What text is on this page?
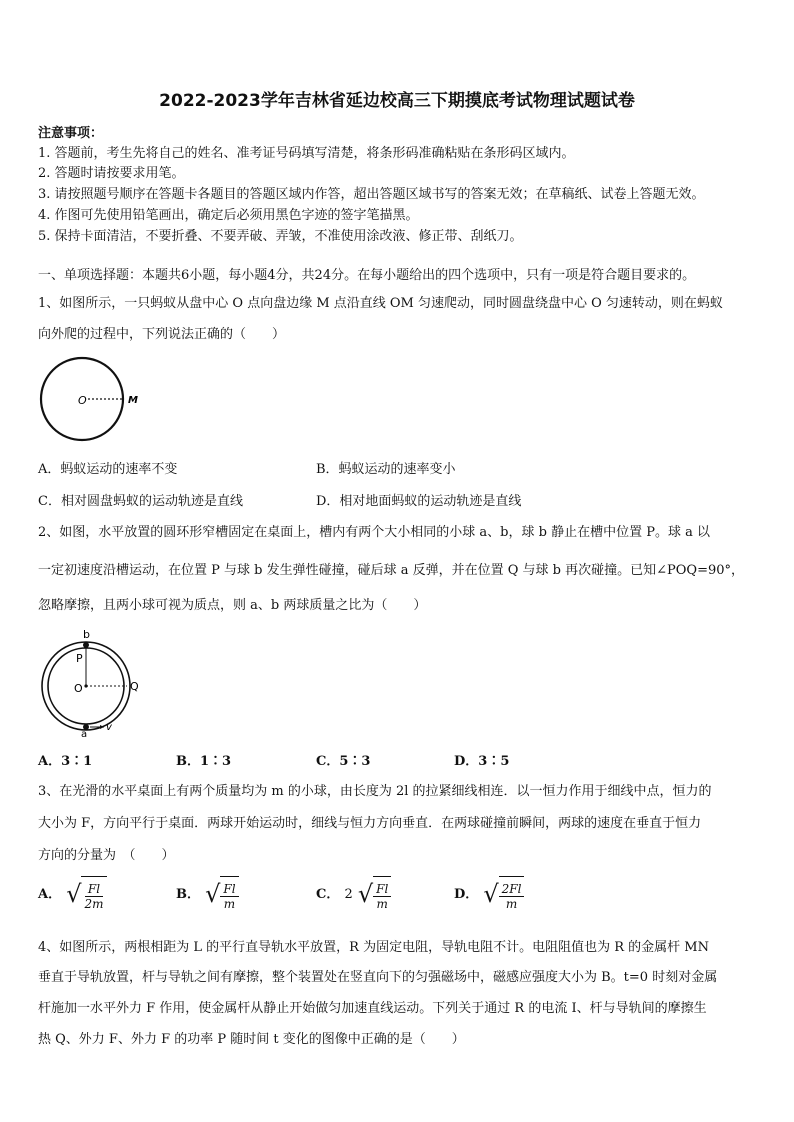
2022-2023学年吉林省延边校高三下期摸底考试物理试题试卷
注意事项：
1. 答题前，考生先将自己的姓名、准考证号码填写清楚，将条形码准确粘贴在条形码区域内。
2. 答题时请按要求用笔。
3. 请按照题号顺序在答题卡各题目的答题区域内作答，超出答题区域书写的答案无效；在草稿纸、试卷上答题无效。
4. 作图可先使用铅笔画出，确定后必须用黑色字迹的签字笔描黑。
5. 保持卡面清洁，不要折叠、不要弄破、弄皱，不准使用涂改液、修正带、刮纸刀。
一、单项选择题：本题共6小题，每小题4分，共24分。在每小题给出的四个选项中，只有一项是符合题目要求的。
1、如图所示，一只蚂蚁从盘中心 O 点向盘边缘 M 点沿直线 OM 匀速爬动，同时圆盘绕盘中心 O 匀速转动，则在蚂蚁
向外爬的过程中，下列说法正确的（　　）
O	M
A．蚂蚁运动的速率不变	B．蚂蚁运动的速率变小
C．相对圆盘蚂蚁的运动轨迹是直线	D．相对地面蚂蚁的运动轨迹是直线
2、如图，水平放置的圆环形窄槽固定在桌面上，槽内有两个大小相同的小球 a、b，球 b 静止在槽中位置 P。球 a 以
一定初速度沿槽运动，在位置 P 与球 b 发生弹性碰撞，碰后球 a 反弹，并在位置 Q 与球 b 再次碰撞。已知∠POQ=90°，
忽略摩擦，且两小球可视为质点，则 a、b 两球质量之比为（　　）
b
P
O	Q
a
v
A．3∶1	B．1∶3	C．5∶3	D．3∶5
3、在光滑的水平桌面上有两个质量均为 m 的小球，由长度为 2l 的拉紧细线相连．以一恒力作用于细线中点，恒力的
大小为 F，方向平行于桌面．两球开始运动时，细线与恒力方向垂直．在两球碰撞前瞬间，两球的速度在垂直于恒力
方向的分量为　（　　）
A． √ $\frac{Fl}{2m}$	B． √ $\frac{Fl}{m}$	C． 2 √ $\frac{Fl}{m}$	D． √ $\frac{2Fl}{m}$
4、如图所示，两根相距为 L 的平行直导轨水平放置，R 为固定电阻，导轨电阻不计。电阻阻值也为 R 的金属杆 MN
垂直于导轨放置，杆与导轨之间有摩擦，整个装置处在竖直向下的匀强磁场中，磁感应强度大小为 B。t=0 时刻对金属
杆施加一水平外力 F 作用，使金属杆从静止开始做匀加速直线运动。下列关于通过 R 的电流 I、杆与导轨间的摩擦生
热 Q、外力 F、外力 F 的功率 P 随时间 t 变化的图像中正确的是（　　）
